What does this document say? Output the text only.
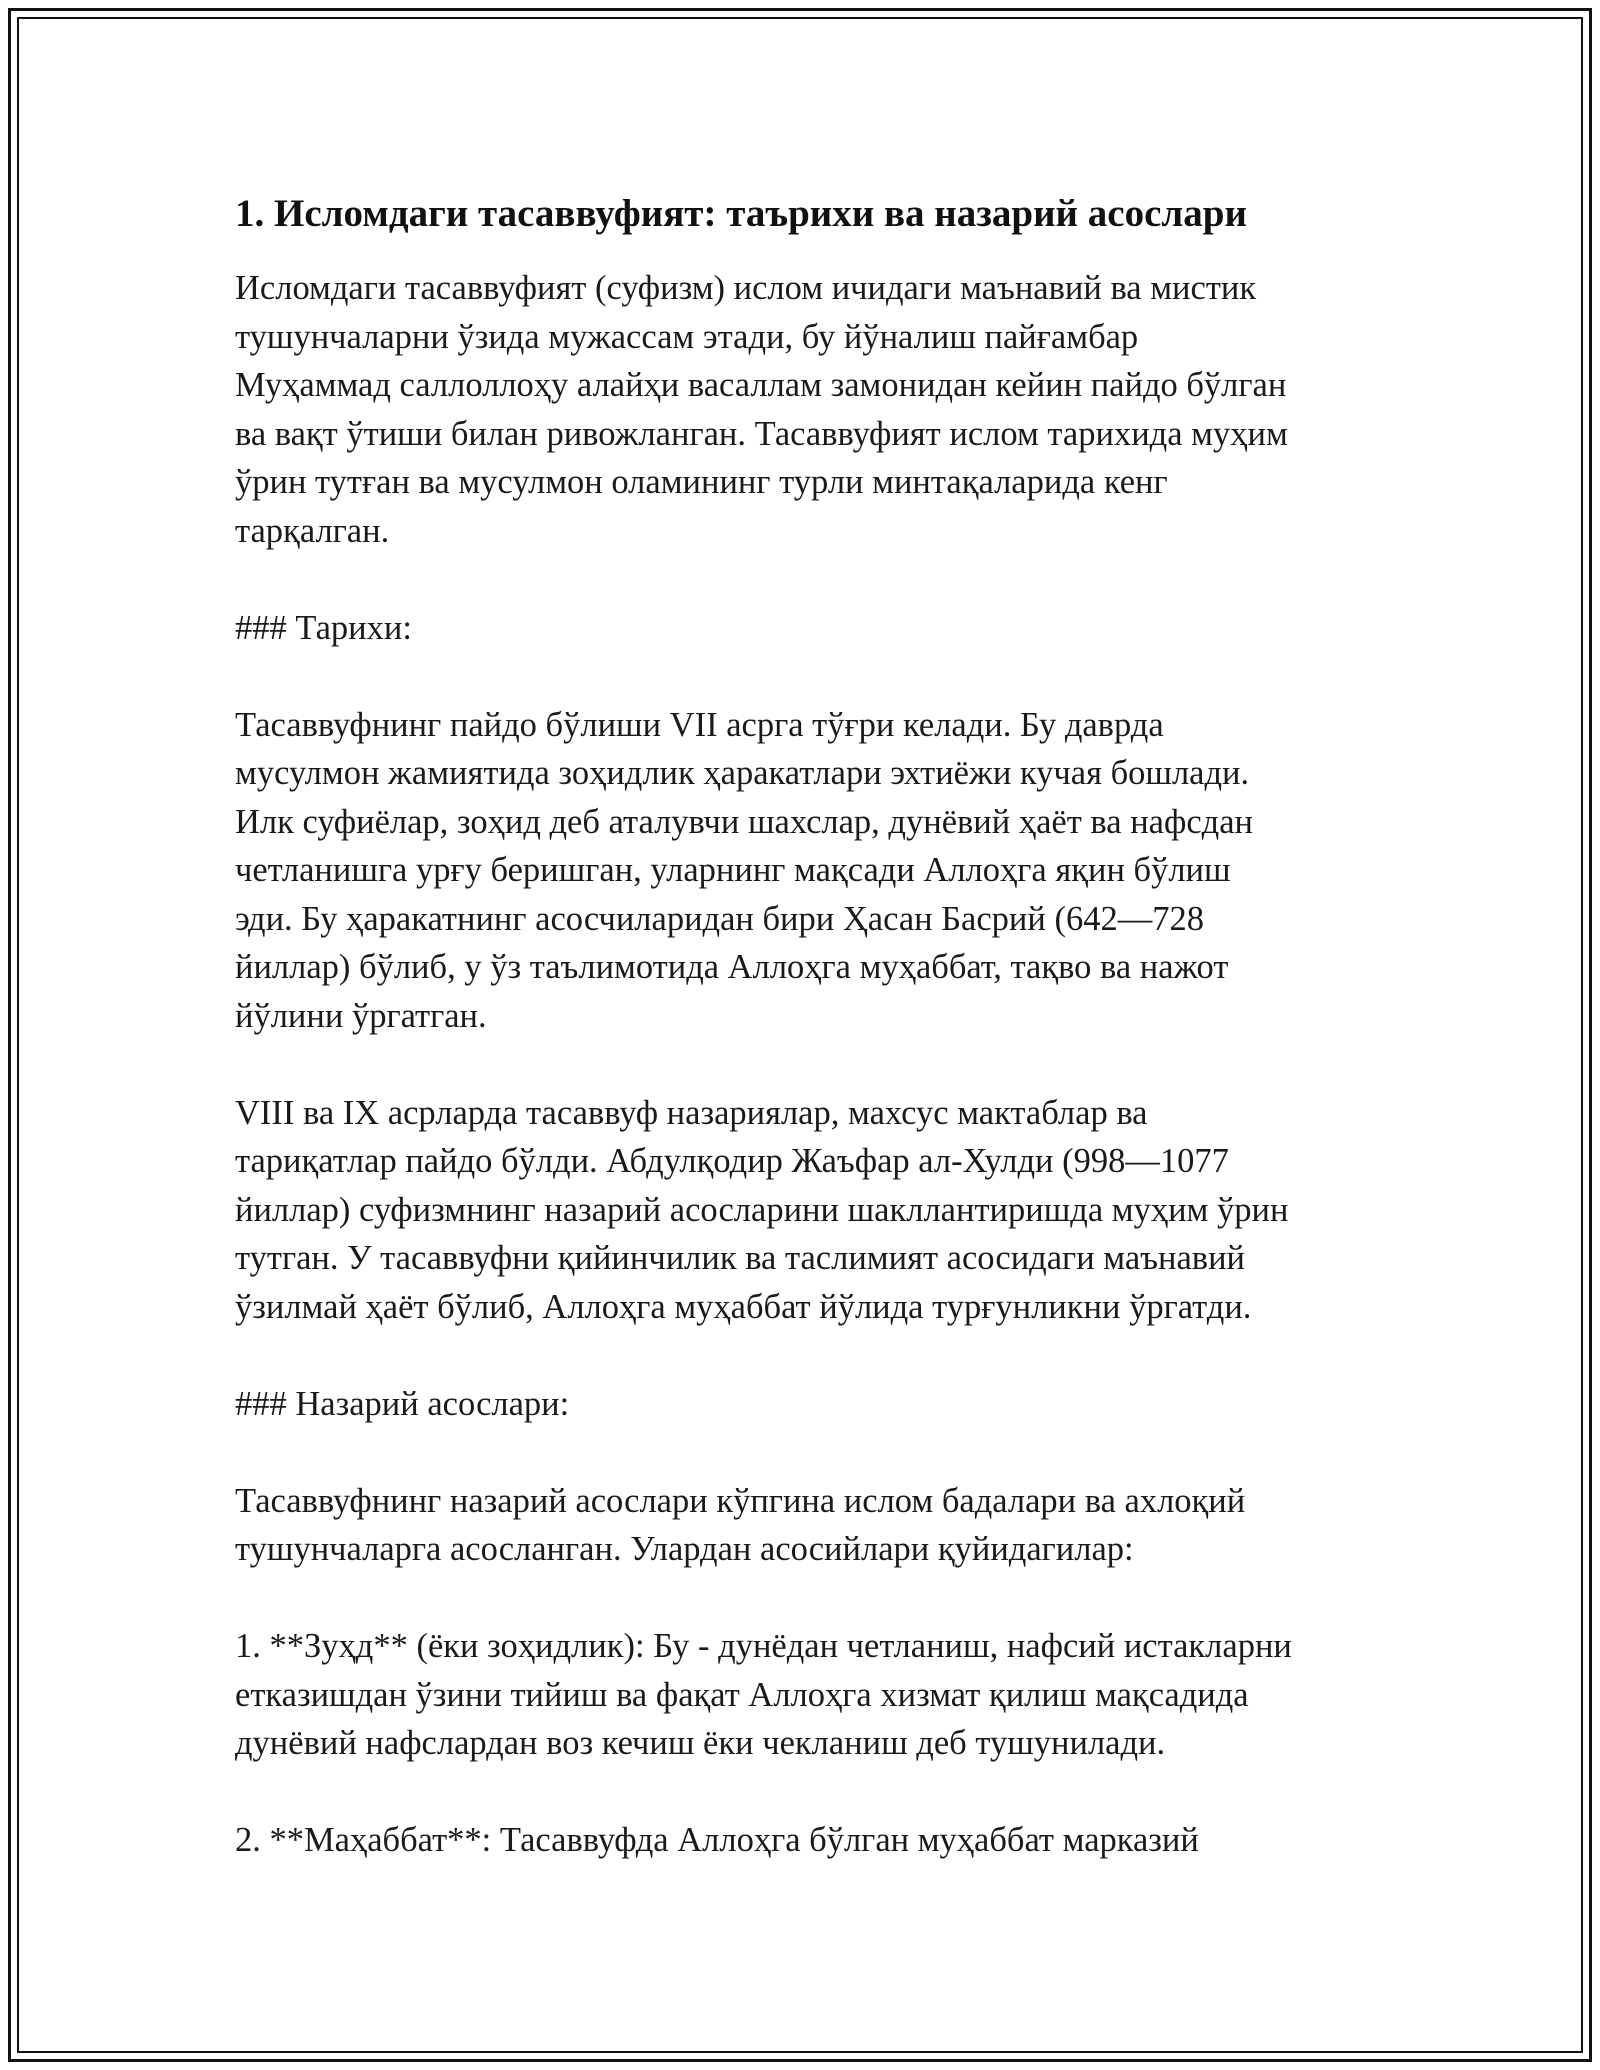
1. Исломдаги тасаввуфият: таърихи ва назарий асослари
Исломдаги тасаввуфият (суфизм) ислом ичидаги маънавий ва мистик
тушунчаларни ўзида мужассам этади, бу йўналиш пайғамбар
Муҳаммад саллоллоҳу алайҳи васаллам замонидан кейин пайдо бўлган
ва вақт ўтиши билан ривожланган. Тасаввуфият ислом тарихида муҳим
ўрин тутған ва мусулмон оламининг турли минтақаларида кенг
тарқалган.
### Тарихи:
Тасаввуфнинг пайдо бўлиши VII асрга тўғри келади. Бу даврда
мусулмон жамиятида зоҳидлик ҳаракатлари эхтиёжи кучая бошлади.
Илк суфиёлар, зоҳид деб аталувчи шахслар, дунёвий ҳаёт ва нафсдан
четланишга урғу беришган, уларнинг мақсади Аллоҳга яқин бўлиш
эди. Бу ҳаракатнинг асосчиларидан бири Ҳасан Басрий (642—728
йиллар) бўлиб, у ўз таълимотида Аллоҳга муҳаббат, тақво ва нажот
йўлини ўргатган.
VIII ва IX асрларда тасаввуф назариялар, махсус мактаблар ва
тариқатлар пайдо бўлди. Абдулқодир Жаъфар ал-Хулди (998—1077
йиллар) суфизмнинг назарий асосларини шакллантиришда муҳим ўрин
тутган. У тасаввуфни қийинчилик ва таслимият асосидаги маънавий
ўзилмай ҳаёт бўлиб, Аллоҳга муҳаббат йўлида турғунликни ўргатди.
### Назарий асослари:
Тасаввуфнинг назарий асослари кўпгина ислом бадалари ва ахлоқий
тушунчаларга асосланган. Улардан асосийлари қуйидагилар:
1. **Зуҳд** (ёки зоҳидлик): Бу - дунёдан четланиш, нафсий истакларни
етказишдан ўзини тийиш ва фақат Аллоҳга хизмат қилиш мақсадида
дунёвий нафслардан воз кечиш ёки чекланиш деб тушунилади.
2. **Маҳаббат**: Тасаввуфда Аллоҳга бўлган муҳаббат марказий
